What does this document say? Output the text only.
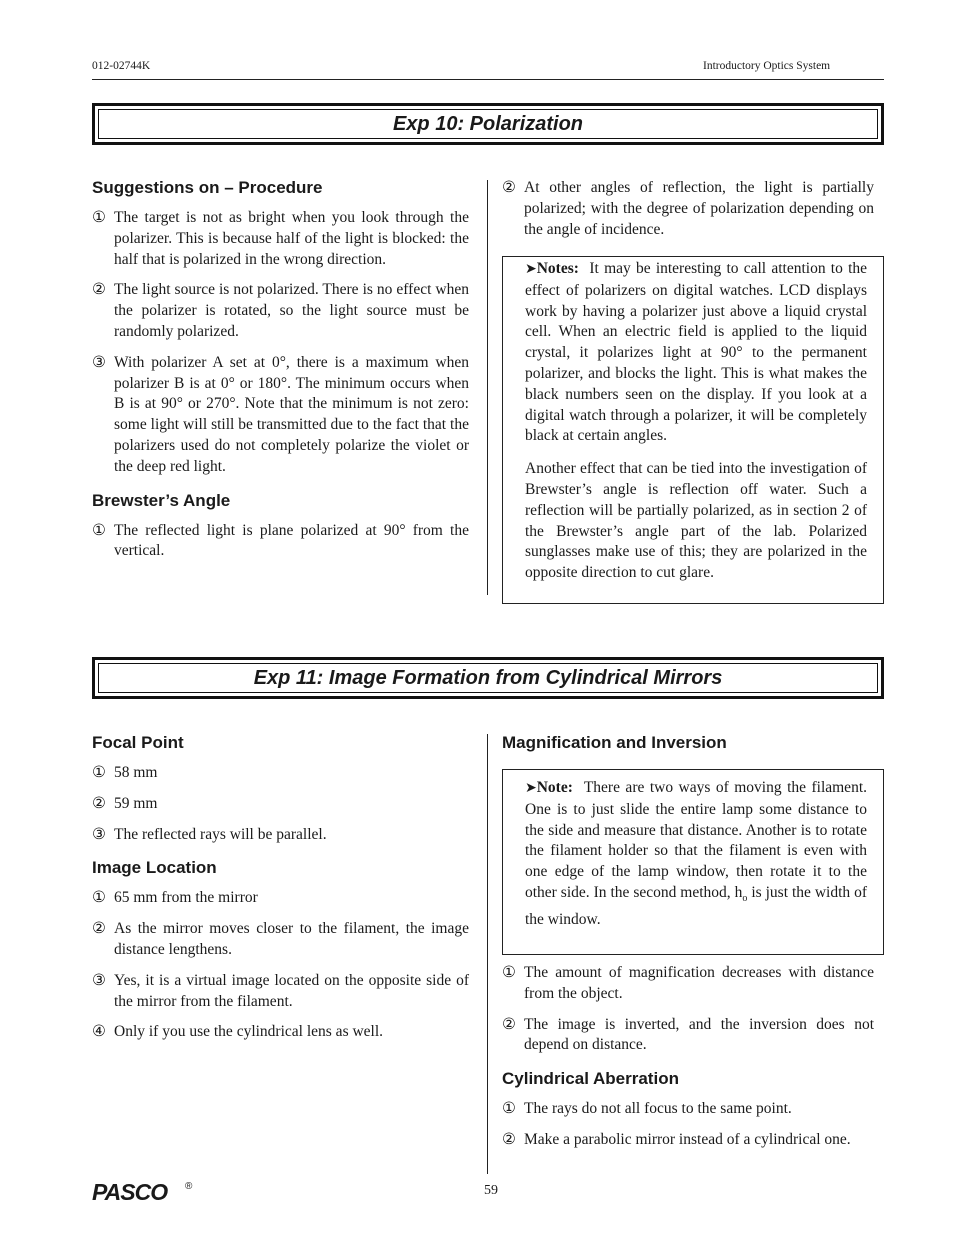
012-02744K	Introductory Optics System
Exp 10: Polarization
Suggestions on – Procedure
① The target is not as bright when you look through the polarizer. This is because half of the light is blocked: the half that is polarized in the wrong direction.
② The light source is not polarized. There is no effect when the polarizer is rotated, so the light source must be randomly polarized.
③ With polarizer A set at 0°, there is a maximum when polarizer B is at 0° or 180°. The minimum occurs when B is at 90° or 270°. Note that the minimum is not zero: some light will still be transmitted due to the fact that the polarizers used do not completely polarize the violet or the deep red light.
Brewster’s Angle
① The reflected light is plane polarized at 90° from the vertical.
② At other angles of reflection, the light is partially polarized; with the degree of polarization depending on the angle of incidence.

➤Notes: It may be interesting to call attention to the effect of polarizers on digital watches. LCD displays work by having a polarizer just above a liquid crystal cell. When an electric field is applied to the liquid crystal, it polarizes light at 90° to the permanent polarizer, and blocks the light. This is what makes the black numbers seen on the display. If you look at a digital watch through a polarizer, it will be completely black at certain angles.

Another effect that can be tied into the investigation of Brewster’s angle is reflection off water. Such a reflection will be partially polarized, as in section 2 of the Brewster’s angle part of the lab. Polarized sunglasses make use of this; they are polarized in the opposite direction to cut glare.

Exp 11: Image Formation from Cylindrical Mirrors
Focal Point
① 58 mm
② 59 mm
③ The reflected rays will be parallel.
Image Location
① 65 mm from the mirror
② As the mirror moves closer to the filament, the image distance lengthens.
③ Yes, it is a virtual image located on the opposite side of the mirror from the filament.
④ Only if you use the cylindrical lens as well.
Magnification and Inversion

➤Note: There are two ways of moving the filament. One is to just slide the entire lamp some distance to the side and measure that distance. Another is to rotate the filament holder so that the filament is even with one edge of the lamp window, then rotate it to the other side. In the second method, $h_o$ is just the width of the window.

① The amount of magnification decreases with distance from the object.
② The image is inverted, and the inversion does not depend on distance.
Cylindrical Aberration
① The rays do not all focus to the same point.
② Make a parabolic mirror instead of a cylindrical one.
PASCO ®	59
